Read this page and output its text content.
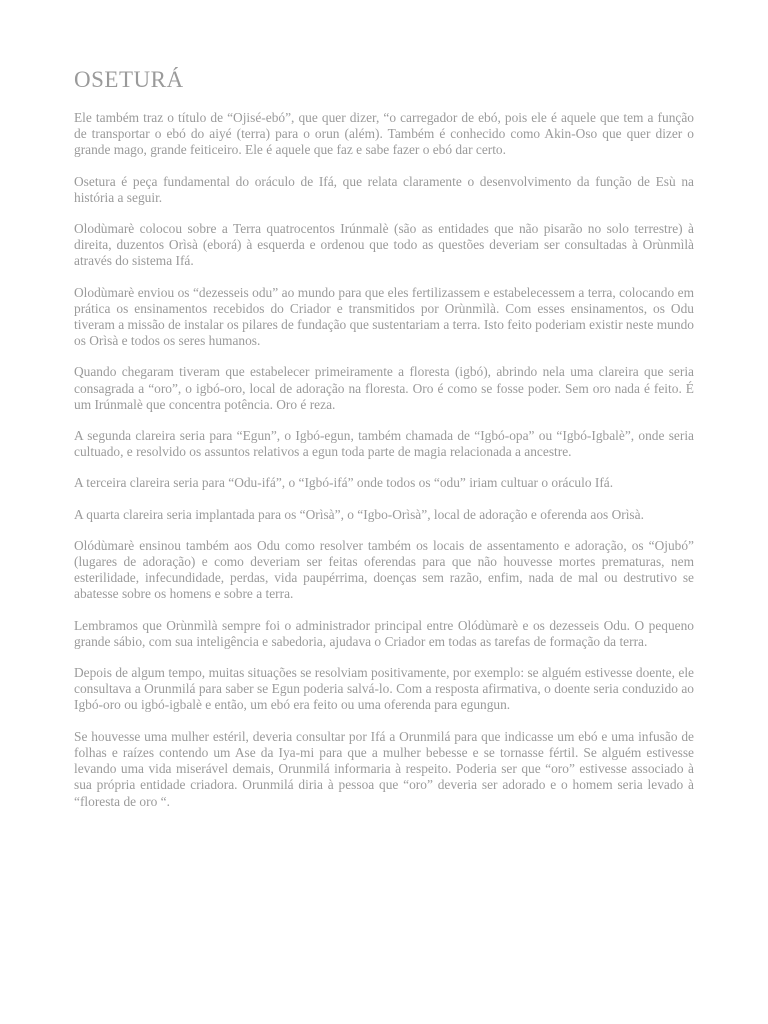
OSETURÁ

Ele também traz o título de “Ojisé-ebó”, que quer dizer, “o carregador de ebó, pois ele é aquele que tem a função de transportar o ebó do aiyé (terra) para o orun (além). Também é conhecido como Akin-Oso que quer dizer o grande mago, grande feiticeiro. Ele é aquele que faz e sabe fazer o ebó dar certo.

Osetura é peça fundamental do oráculo de Ifá, que relata claramente o desenvolvimento da função de Esù na história a seguir.

Olodùmarè colocou sobre a Terra quatrocentos Irúnmalè (são as entidades que não pisarão no solo terrestre) à direita, duzentos Orìsà (eborá) à esquerda e ordenou que todo as questões deveriam ser consultadas à Orùnmìlà através do sistema Ifá.

Olodùmarè enviou os “dezesseis odu” ao mundo para que eles fertilizassem e estabelecessem a terra, colocando em prática os ensinamentos recebidos do Criador e transmitidos por Orùnmìlà. Com esses ensinamentos, os Odu tiveram a missão de instalar os pilares de fundação que sustentariam a terra. Isto feito poderiam existir neste mundo os Orìsà e todos os seres humanos.

Quando chegaram tiveram que estabelecer primeiramente a floresta (igbó), abrindo nela uma clareira que seria consagrada a “oro”, o igbó-oro, local de adoração na floresta. Oro é como se fosse poder. Sem oro nada é feito. É um Irúnmalè que concentra potência. Oro é reza.

A segunda clareira seria para “Egun”, o Igbó-egun, também chamada de “Igbó-opa” ou “Igbó-Igbalè”, onde seria cultuado, e resolvido os assuntos relativos a egun toda parte de magia relacionada a ancestre.

A terceira clareira seria para “Odu-ifá”, o “Igbó-ifá” onde todos os “odu” iriam cultuar o oráculo Ifá.

A quarta clareira seria implantada para os “Orìsà”, o “Igbo-Orìsà”, local de adoração e oferenda aos Orìsà.

Olódùmarè ensinou também aos Odu como resolver também os locais de assentamento e adoração, os “Ojubó” (lugares de adoração) e como deveriam ser feitas oferendas para que não houvesse mortes prematuras, nem esterilidade, infecundidade, perdas, vida paupérrima, doenças sem razão, enfim, nada de mal ou destrutivo se abatesse sobre os homens e sobre a terra.

Lembramos que Orùnmìlà sempre foi o administrador principal entre Olódùmarè e os dezesseis Odu. O pequeno grande sábio, com sua inteligência e sabedoria, ajudava o Criador em todas as tarefas de formação da terra.

Depois de algum tempo, muitas situações se resolviam positivamente, por exemplo: se alguém estivesse doente, ele consultava a Orunmilá para saber se Egun poderia salvá-lo. Com a resposta afirmativa, o doente seria conduzido ao Igbó-oro ou igbó-igbalè e então, um ebó era feito ou uma oferenda para egungun.

Se houvesse uma mulher estéril, deveria consultar por Ifá a Orunmilá para que indicasse um ebó e uma infusão de folhas e raízes contendo um Ase da Iya-mi para que a mulher bebesse e se tornasse fértil. Se alguém estivesse levando uma vida miserável demais, Orunmilá informaria à respeito. Poderia ser que “oro” estivesse associado à sua própria entidade criadora. Orunmilá diria à pessoa que “oro” deveria ser adorado e o homem seria levado à “floresta de oro “.
